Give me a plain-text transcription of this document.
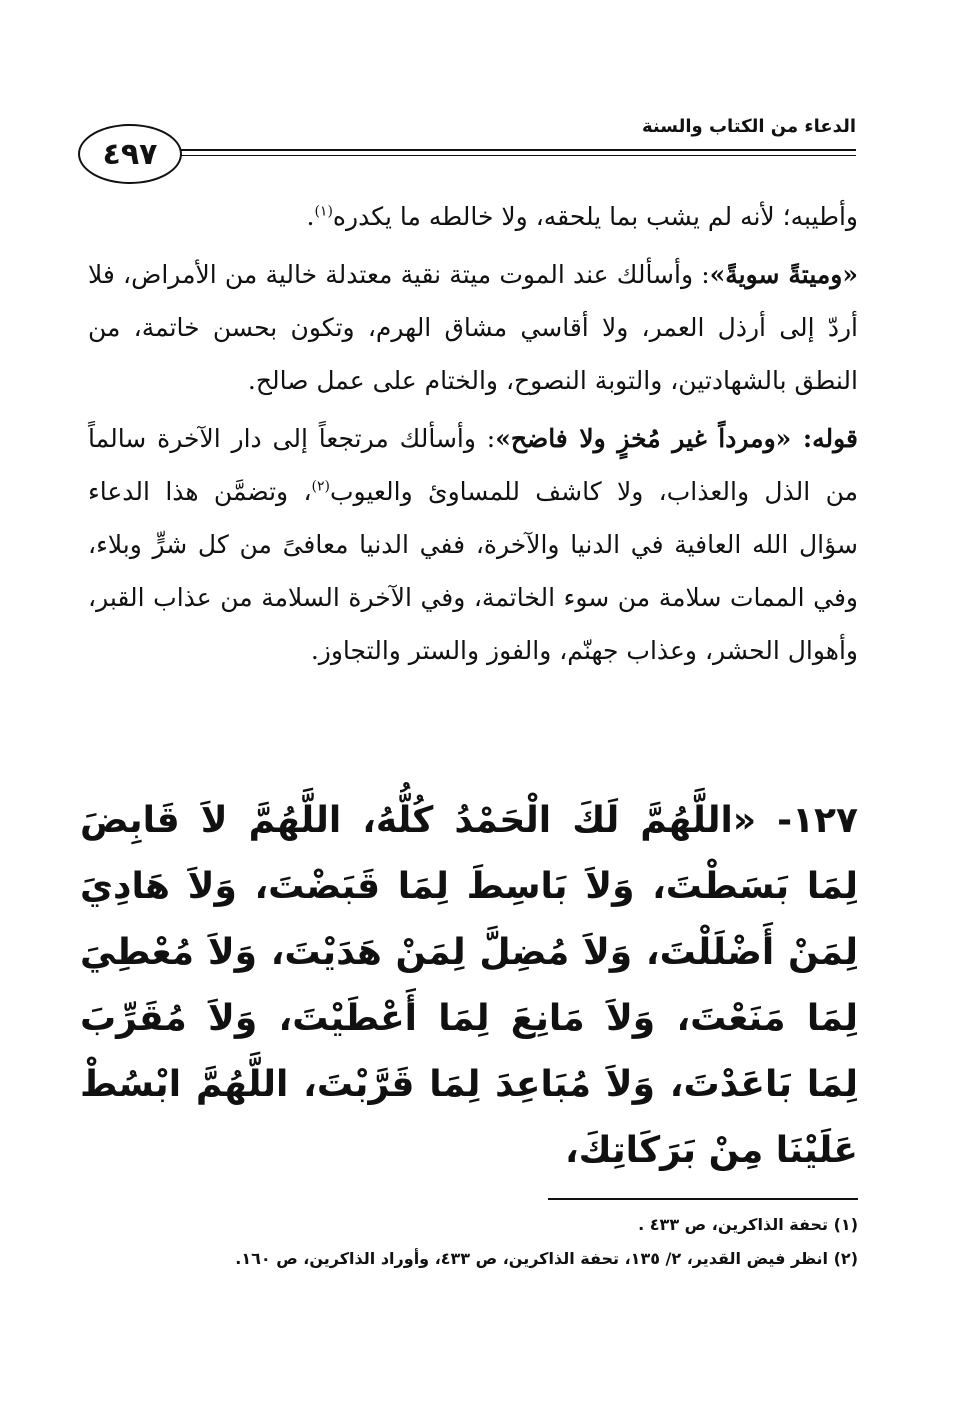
٤٩٧
الدعاء من الكتاب والسنة

وأطيبه؛ لأنه لم يشب بما يلحقه، ولا خالطه ما يكدره$^{(١)}$.

«وميتةً سويةً»: وأسألك عند الموت ميتة نقية معتدلة خالية من الأمراض، فلا أردّ إلى أرذل العمر، ولا أقاسي مشاق الهرم، وتكون بحسن خاتمة، من النطق بالشهادتين، والتوبة النصوح، والختام على عمل صالح.

قوله: «ومرداً غير مُخزٍ ولا فاضح»: وأسألك مرتجعاً إلى دار الآخرة سالماً من الذل والعذاب، ولا كاشف للمساوئ والعيوب$^{(٢)}$، وتضمَّن هذا الدعاء سؤال الله العافية في الدنيا والآخرة، ففي الدنيا معافىً من كل شرٍّ وبلاء، وفي الممات سلامة من سوء الخاتمة، وفي الآخرة السلامة من عذاب القبر، وأهوال الحشر، وعذاب جهنّم، والفوز والستر والتجاوز.

١٢٧- «اللَّهُمَّ لَكَ الْحَمْدُ كُلُّهُ، اللَّهُمَّ لاَ قَابِضَ لِمَا بَسَطْتَ، وَلاَ بَاسِطَ لِمَا قَبَضْتَ، وَلاَ هَادِيَ لِمَنْ أَضْلَلْتَ، وَلاَ مُضِلَّ لِمَنْ هَدَيْتَ، وَلاَ مُعْطِيَ لِمَا مَنَعْتَ، وَلاَ مَانِعَ لِمَا أَعْطَيْتَ، وَلاَ مُقَرِّبَ لِمَا بَاعَدْتَ، وَلاَ مُبَاعِدَ لِمَا قَرَّبْتَ، اللَّهُمَّ ابْسُطْ عَلَيْنَا مِنْ بَرَكَاتِكَ،
(١) تحفة الذاكرين، ص ٤٣٣ .
(٢) انظر فيض القدير، ٢/ ١٣٥، تحفة الذاكرين، ص ٤٣٣، وأوراد الذاكرين، ص ١٦٠.
